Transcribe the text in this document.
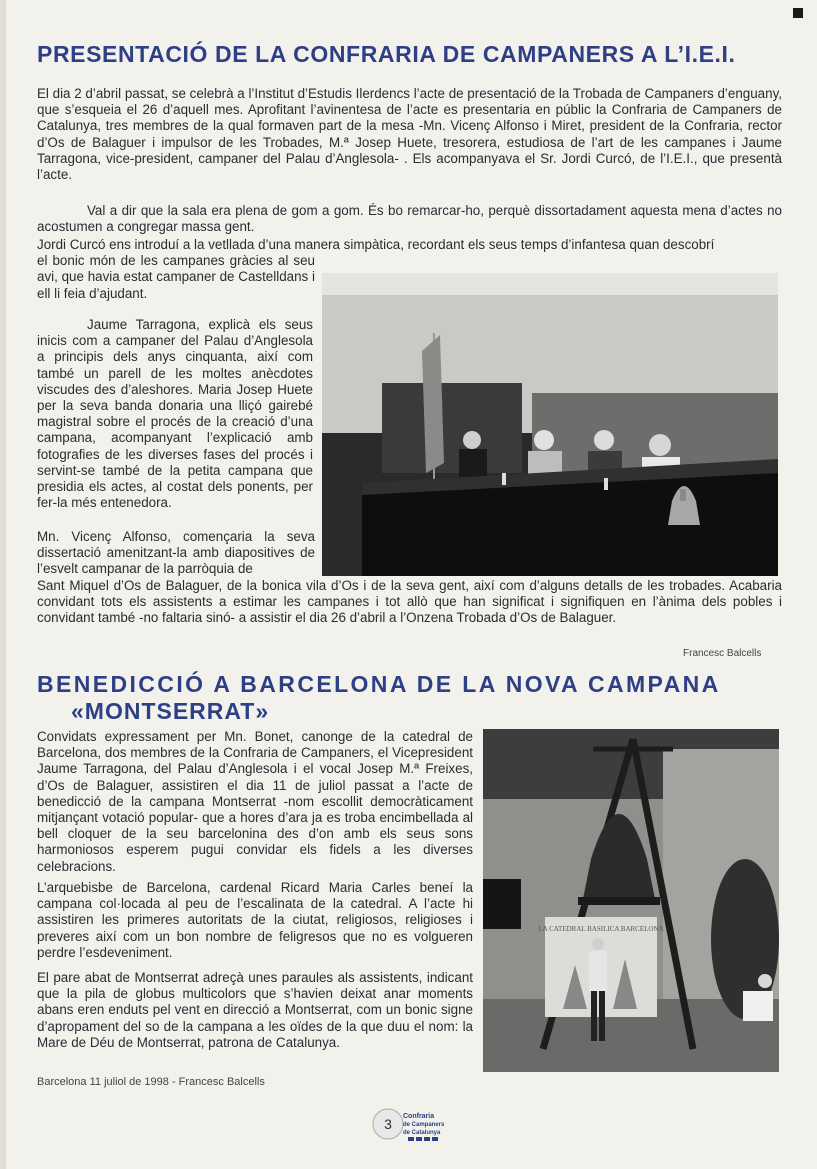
PRESENTACIÓ DE LA CONFRARIA DE CAMPANERS A L’I.E.I.

El dia 2 d’abril passat, se celebrà a l’Institut d’Estudis Ilerdencs l’acte de presentació de la Trobada de Campaners d’enguany, que s’esqueia el 26 d’aquell mes. Aprofitant l’avinentesa de l’acte es presentaria en públic la Confraria de Campaners de Catalunya, tres membres de la qual formaven part de la mesa -Mn. Vicenç Alfonso i Miret, president de la Confraria, rector d’Os de Balaguer i impulsor de les Trobades, M.ª Josep Huete, tresorera, estudiosa de l’art de les campanes i Jaume Tarragona, vice-president, campaner del Palau d’Anglesola- . Els acompanyava el Sr. Jordi Curcó, de l’I.E.I., que presentà l’acte.

Val a dir que la sala era plena de gom a gom. És bo remarcar-ho, perquè dissortadament aquesta mena d’actes no acostumen a congregar massa gent.

Jordi Curcó ens introduí a la vetllada d’una manera simpàtica, recordant els seus temps d’infantesa quan descobrí
el bonic món de les campanes gràcies al seu avi, que havia estat campaner de Castelldans i ell li feia d’ajudant.

Jaume Tarragona, explicà els seus inicis com a campaner del Palau d’Anglesola a principis dels anys cinquanta, així com també un parell de les moltes anècdotes viscudes des d’aleshores. Maria Josep Huete per la seva banda donaria una lliçó gairebé magistral sobre el procés de la creació d’una campana, acompanyant l’explicació amb fotografies de les diverses fases del procés i servint-se també de la petita campana que presidia els actes, al costat dels ponents, per fer-la més entenedora.

Mn. Vicenç Alfonso, començaria la seva dissertació amenitzant-la amb diapositives de l’esvelt campanar de la parròquia de
Sant Miquel d’Os de Balaguer, de la bonica vila d’Os i de la seva gent, així com d’alguns detalls de les trobades. Acabaria convidant tots els assistents a estimar les campanes i tot allò que han significat i signifiquen en l’ànima dels pobles i convidant també -no faltaria sinó- a assistir el dia 26 d’abril a l’Onzena Trobada d’Os de Balaguer.

Francesc Balcells
BENEDICCIÓ A BARCELONA DE LA NOVA CAMPANA
«MONTSERRAT»

Convidats expressament per Mn. Bonet, canonge de la catedral de Barcelona, dos membres de la Confraria de Campaners, el Vicepresident Jaume Tarragona, del Palau d’Anglesola i el vocal Josep M.ª Freixes, d’Os de Balaguer, assistiren el dia 11 de juliol passat a l’acte de benedicció de la campana Montserrat -nom escollit democràticament mitjançant votació popular- que a hores d’ara ja es troba encimbellada al bell cloquer de la seu barcelonina des d’on amb els seus sons harmoniosos esperem pugui convidar els fidels a les diverses celebracions.

L’arquebisbe de Barcelona, cardenal Ricard Maria Carles beneí la campana col·locada al peu de l’escalinata de la catedral. A l’acte hi assistiren les primeres autoritats de la ciutat, religiosos, religioses i preveres així com un bon nombre de feligresos que no es volgueren perdre l’esdeveniment.

El pare abat de Montserrat adreçà unes paraules als assistents, indicant que la pila de globus multicolors que s’havien deixat anar moments abans eren enduts pel vent en direcció a Montserrat, com un bonic signe d’apropament del so de la campana a les oïdes de la que duu el nom: la Mare de Déu de Montserrat, patrona de Catalunya.

Barcelona 11 juliol de 1998 - Francesc Balcells
LA CATEDRAL BASILICA BARCELONA
3 Confraria
de Campaners
de Catalunya
